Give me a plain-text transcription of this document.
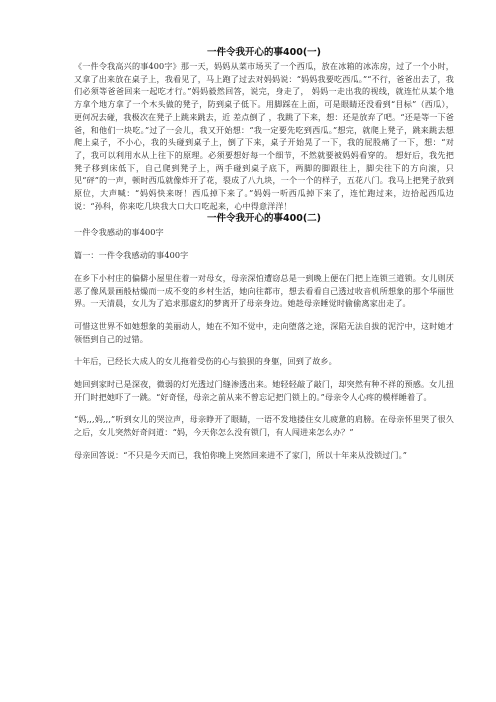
一件令我开心的事400(一)

《一件令我高兴的事400字》那一天，妈妈从菜市场买了一个西瓜，放在冰箱的冰冻房，过了一个小时，又拿了出来放在桌子上，我看见了，马上跑了过去对妈妈说：“妈妈我要吃西瓜。”“不行，爸爸出去了，我们必须等爸爸回来一起吃才行。”妈妈毅然回答，说完，身走了， 妈妈一走出我的视线，就连忙从某个地方拿个地方拿了一个木头做的凳子，防到桌子低下。用脚踩在上面，可是眼睛还没看到“目标”（西瓜），更何况去碰，我极次在凳子上跳来跳去，近 差点倒了 ，我跳了下来，想：还是放弃了吧。“还是等一下爸爸，和他们一块吃。”过了一会儿，我又开始想：“我一定要先吃到西瓜。”想完，就爬上凳子，跳来跳去想爬上桌子，不小心，我的头碰到桌子上，倒了下来，桌子开始晃了一下，我的屁股痛了一下，想：“对了，我可以利用水从上往下的原理。必须要想好每一个细节，不然就要被妈妈看穿的。 想好后，我先把凳子移到床低下，自己爬到凳子上，两手碰到桌子底下，两脚的脚跟往上，脚尖往下的方向滚，只见“砰”的一声，顿时西瓜就像炸开了花，裂成了八九块，一个一个的样子，五花八门。我马上把凳子放到原位，大声喊：“妈妈快来呀！西瓜掉下来了。”妈妈一听西瓜掉下来了，连忙跑过来，边拾起西瓜边说：“孙科，你来吃几块我大口大口吃起来，心中得意洋洋！

一件令我开心的事400(二)

一件令我感动的事400字

篇一：一件令我感动的事400字

在乡下小村庄的偏僻小屋里住着一对母女，母亲深怕遭窃总是一到晚上便在门把上连锁三道锁。女儿则厌恶了像风景画般枯燥而一成不变的乡村生活，她向往都市，想去看看自己透过收音机所想象的那个华丽世界。一天清晨，女儿为了追求那虚幻的梦离开了母亲身边。她趁母亲睡觉时偷偷离家出走了。

可惜这世界不如她想象的美丽动人，她在不知不觉中，走向堕落之途，深陷无法自拔的泥泞中，这时她才领悟到自己的过错。

十年后，已经长大成人的女儿拖着受伤的心与狼狈的身躯，回到了故乡。

她回到家时已是深夜，微弱的灯光透过门缝渗透出来。她轻轻敲了敲门，却突然有种不祥的预感。女儿扭开门时把她吓了一跳。“好奇怪，母亲之前从来不曾忘记把门锁上的。”母亲令人心疼的模样睡着了。

“妈,,,妈,,,”听到女儿的哭泣声，母亲睁开了眼睛，一语不发地搂住女儿疲惫的肩膀。在母亲怀里哭了很久之后，女儿突然好奇问道：“妈，今天你怎么没有锁门，有人闯进来怎么办？”

母亲回答说：“不只是今天而已，我怕你晚上突然回来进不了家门，所以十年来从没锁过门。”
